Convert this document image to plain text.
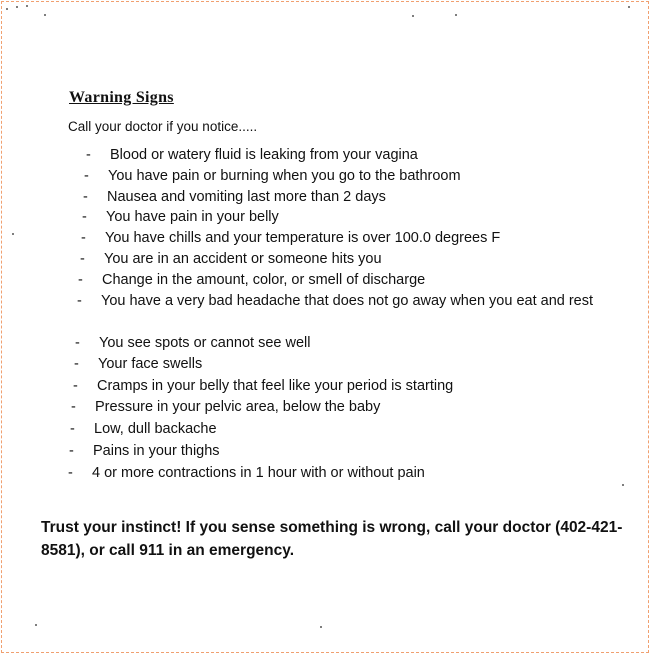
Warning Signs
Call your doctor if you notice.....
- Blood or watery fluid is leaking from your vagina
- You have pain or burning when you go to the bathroom
- Nausea and vomiting last more than 2 days
- You have pain in your belly
- You have chills and your temperature is over 100.0 degrees F
- You are in an accident or someone hits you
- Change in the amount, color, or smell of discharge
- You have a very bad headache that does not go away when you eat and rest
- You see spots or cannot see well
- Your face swells
- Cramps in your belly that feel like your period is starting
- Pressure in your pelvic area, below the baby
- Low, dull backache
- Pains in your thighs
- 4 or more contractions in 1 hour with or without pain
Trust your instinct! If you sense something is wrong, call your doctor (402-421-8581), or call 911 in an emergency.
